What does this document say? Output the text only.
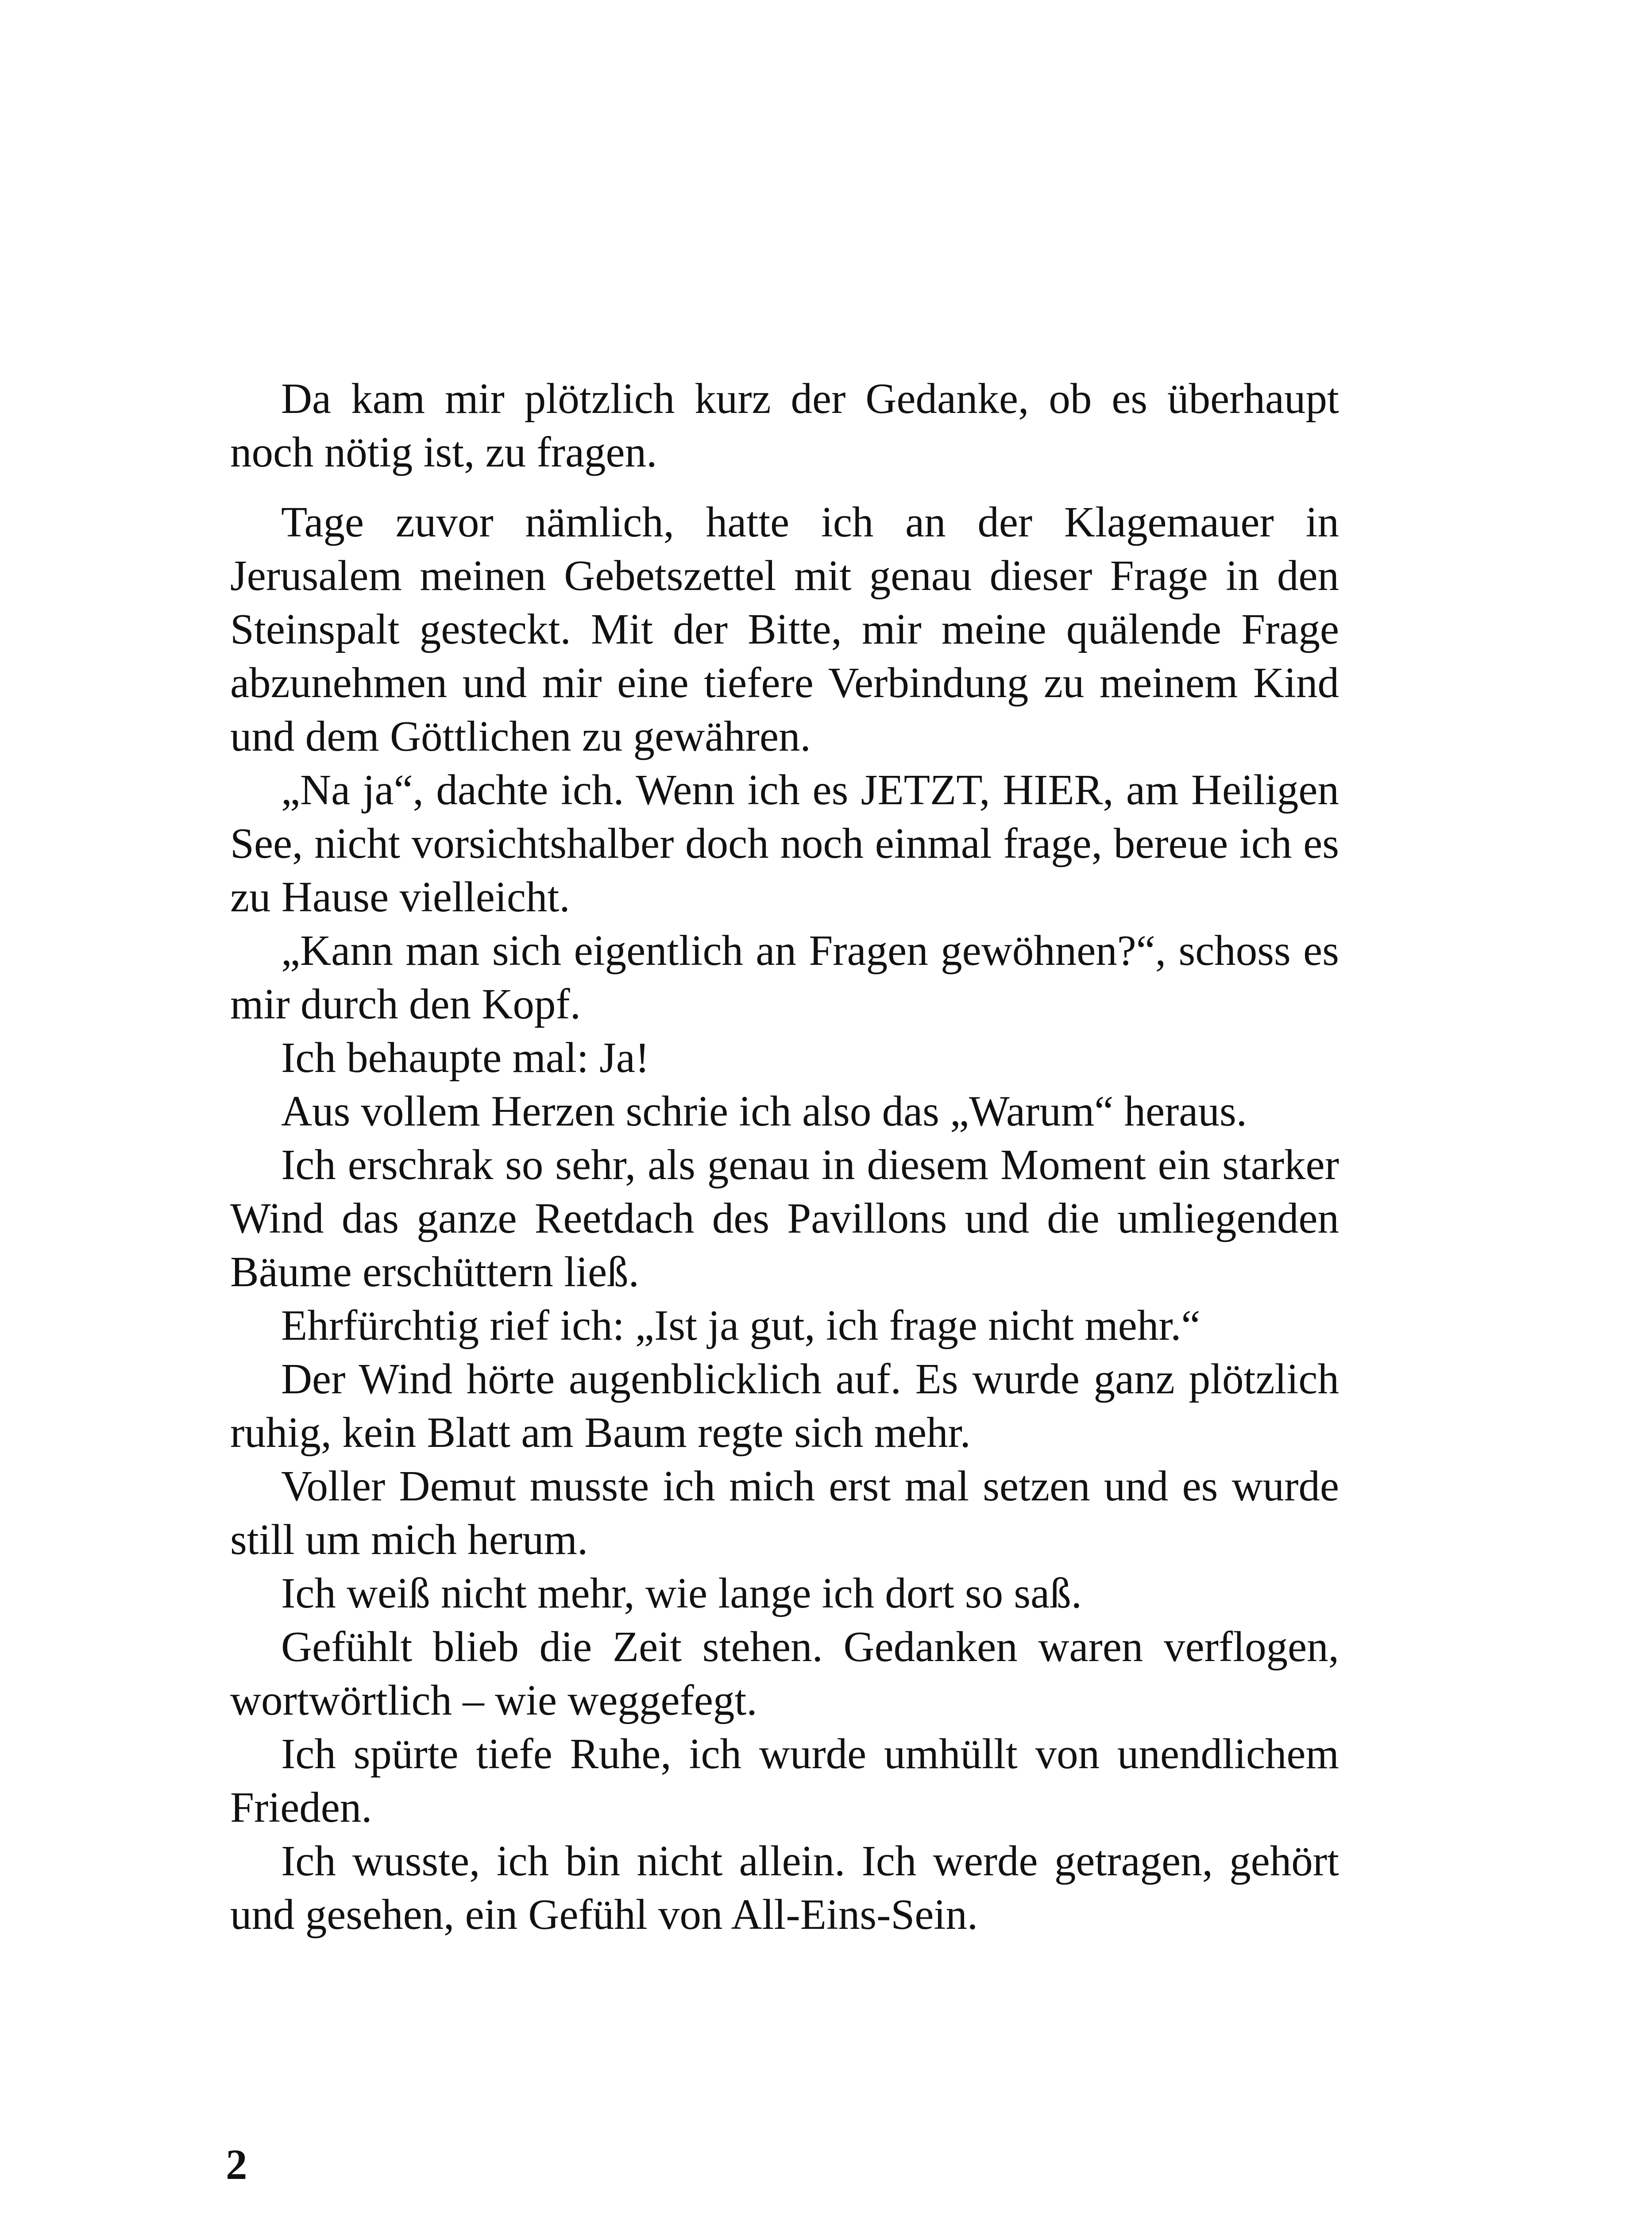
Da kam mir plötzlich kurz der Gedanke, ob es überhaupt noch nötig ist, zu fragen.

Tage zuvor nämlich, hatte ich an der Klagemauer in Jerusalem meinen Gebetszettel mit genau dieser Frage in den Steinspalt gesteckt. Mit der Bitte, mir meine quälende Frage abzunehmen und mir eine tiefere Verbindung zu meinem Kind und dem Göttlichen zu gewähren.

„Na ja“, dachte ich. Wenn ich es JETZT, HIER, am Heiligen See, nicht vorsichtshalber doch noch einmal frage, bereue ich es zu Hause vielleicht.

„Kann man sich eigentlich an Fragen gewöhnen?“, schoss es mir durch den Kopf.

Ich behaupte mal: Ja!

Aus vollem Herzen schrie ich also das „Warum“ heraus.

Ich erschrak so sehr, als genau in diesem Moment ein starker Wind das ganze Reetdach des Pavillons und die umliegenden Bäume erschüttern ließ.

Ehrfürchtig rief ich: „Ist ja gut, ich frage nicht mehr.“

Der Wind hörte augenblicklich auf. Es wurde ganz plötzlich ruhig, kein Blatt am Baum regte sich mehr.

Voller Demut musste ich mich erst mal setzen und es wurde still um mich herum.

Ich weiß nicht mehr, wie lange ich dort so saß.

Gefühlt blieb die Zeit stehen. Gedanken waren verflogen, wortwörtlich – wie weggefegt.

Ich spürte tiefe Ruhe, ich wurde umhüllt von unendlichem Frieden.

Ich wusste, ich bin nicht allein. Ich werde getragen, gehört und gesehen, ein Gefühl von All-Eins-Sein.

2
